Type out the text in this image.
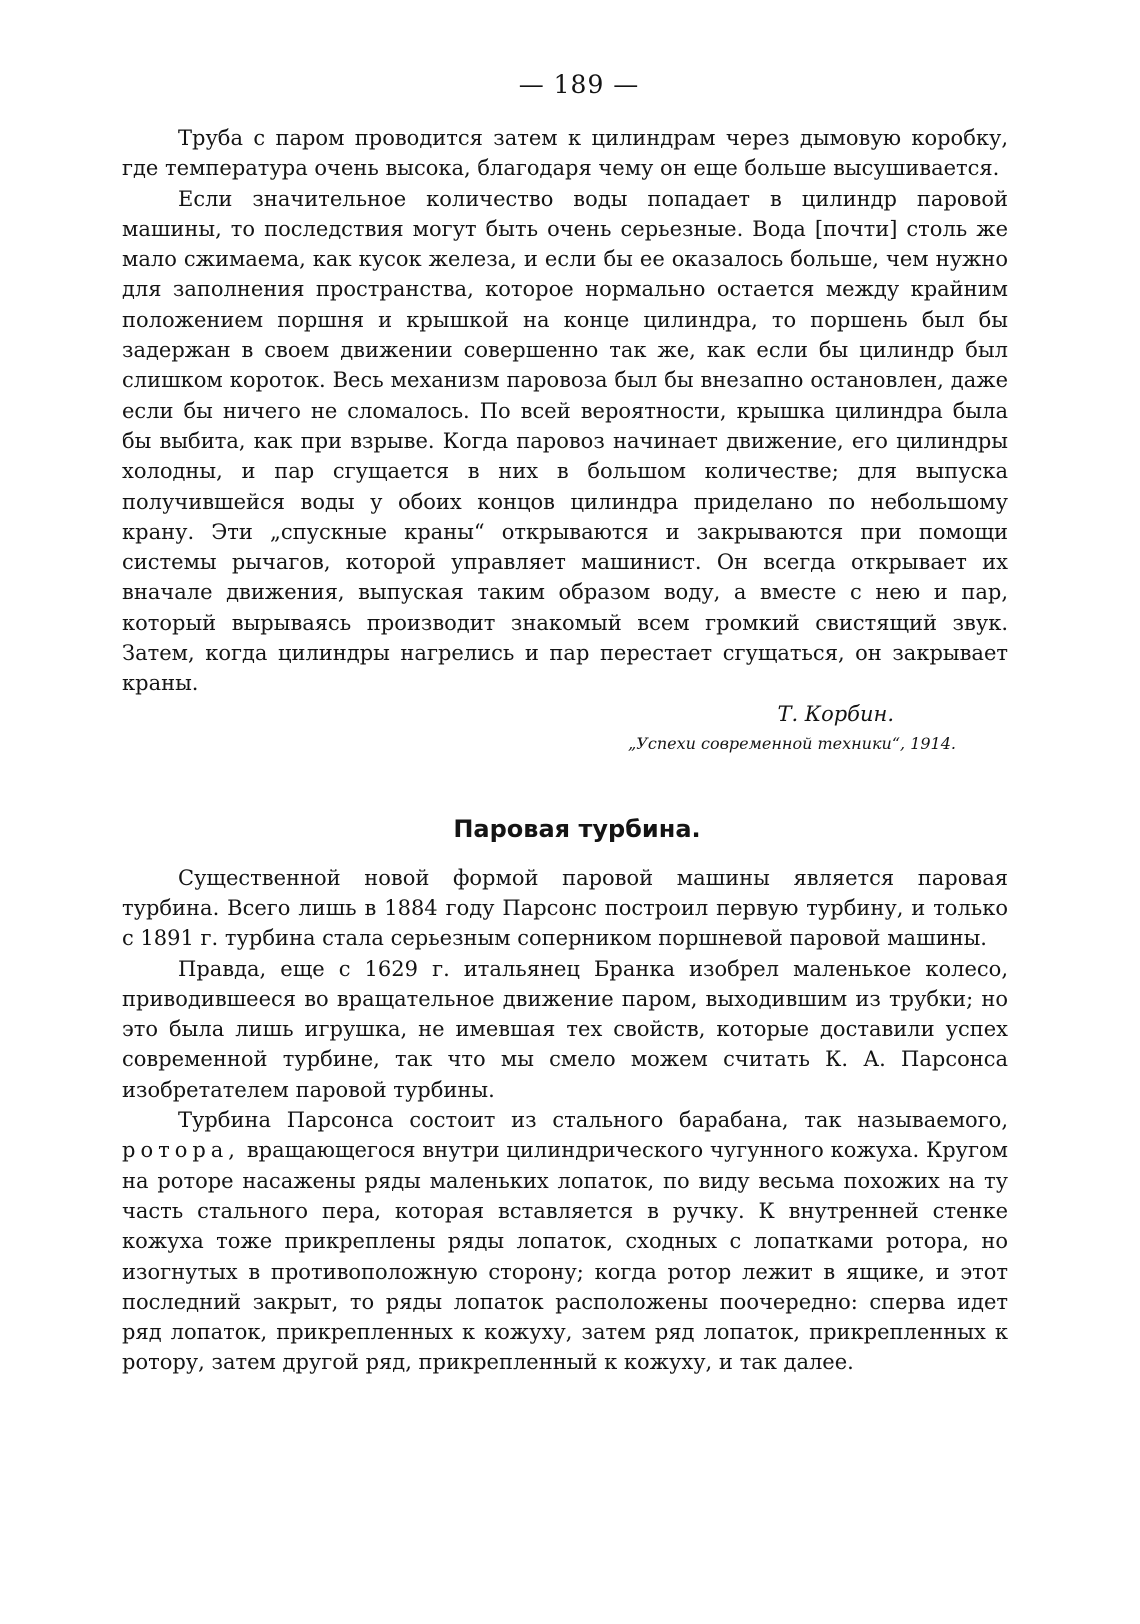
— 189 —

Труба с паром проводится затем к цилиндрам через дымовую коробку, где температура очень высока, благодаря чему он еще больше высушивается.

Если значительное количество воды попадает в цилиндр паровой машины, то последствия могут быть очень серьезные. Вода [почти] столь же мало сжимаема, как кусок железа, и если бы ее оказалось больше, чем нужно для заполнения пространства, которое нормально остается между крайним положением поршня и крышкой на конце цилиндра, то поршень был бы задержан в своем движении совершенно так же, как если бы цилиндр был слишком короток. Весь механизм паровоза был бы внезапно остановлен, даже если бы ничего не сломалось. По всей вероятности, крышка цилиндра была бы выбита, как при взрыве. Когда паровоз начинает движение, его цилиндры холодны, и пар сгущается в них в большом количестве; для выпуска получившейся воды у обоих концов цилиндра приделано по небольшому крану. Эти „спускные краны“ открываются и закрываются при помощи системы рычагов, которой управляет машинист. Он всегда открывает их вначале движения, выпуская таким образом воду, а вместе с нею и пар, который вырываясь производит знакомый всем громкий свистящий звук. Затем, когда цилиндры нагрелись и пар перестает сгущаться, он закрывает краны.

Т. Корбин.
„Успехи современной техники“, 1914.
Паровая турбина.

Существенной новой формой паровой машины является паровая турбина. Всего лишь в 1884 году Парсонс построил первую турбину, и только с 1891 г. турбина стала серьезным соперником поршневой паровой машины.

Правда, еще с 1629 г. итальянец Бранка изобрел маленькое колесо, приводившееся во вращательное движение паром, выходившим из трубки; но это была лишь игрушка, не имевшая тех свойств, которые доставили успех современной турбине, так что мы смело можем считать К. А. Парсонса изобретателем паровой турбины.

Турбина Парсонса состоит из стального барабана, так называемого, ротора, вращающегося внутри цилиндрического чугунного кожуха. Кругом на роторе насажены ряды маленьких лопаток, по виду весьма похожих на ту часть стального пера, которая вставляется в ручку. К внутренней стенке кожуха тоже прикреплены ряды лопаток, сходных с лопатками ротора, но изогнутых в противоположную сторону; когда ротор лежит в ящике, и этот последний закрыт, то ряды лопаток расположены поочередно: сперва идет ряд лопаток, прикрепленных к кожуху, затем ряд лопаток, прикрепленных к ротору, затем другой ряд, прикрепленный к кожуху, и так далее.
